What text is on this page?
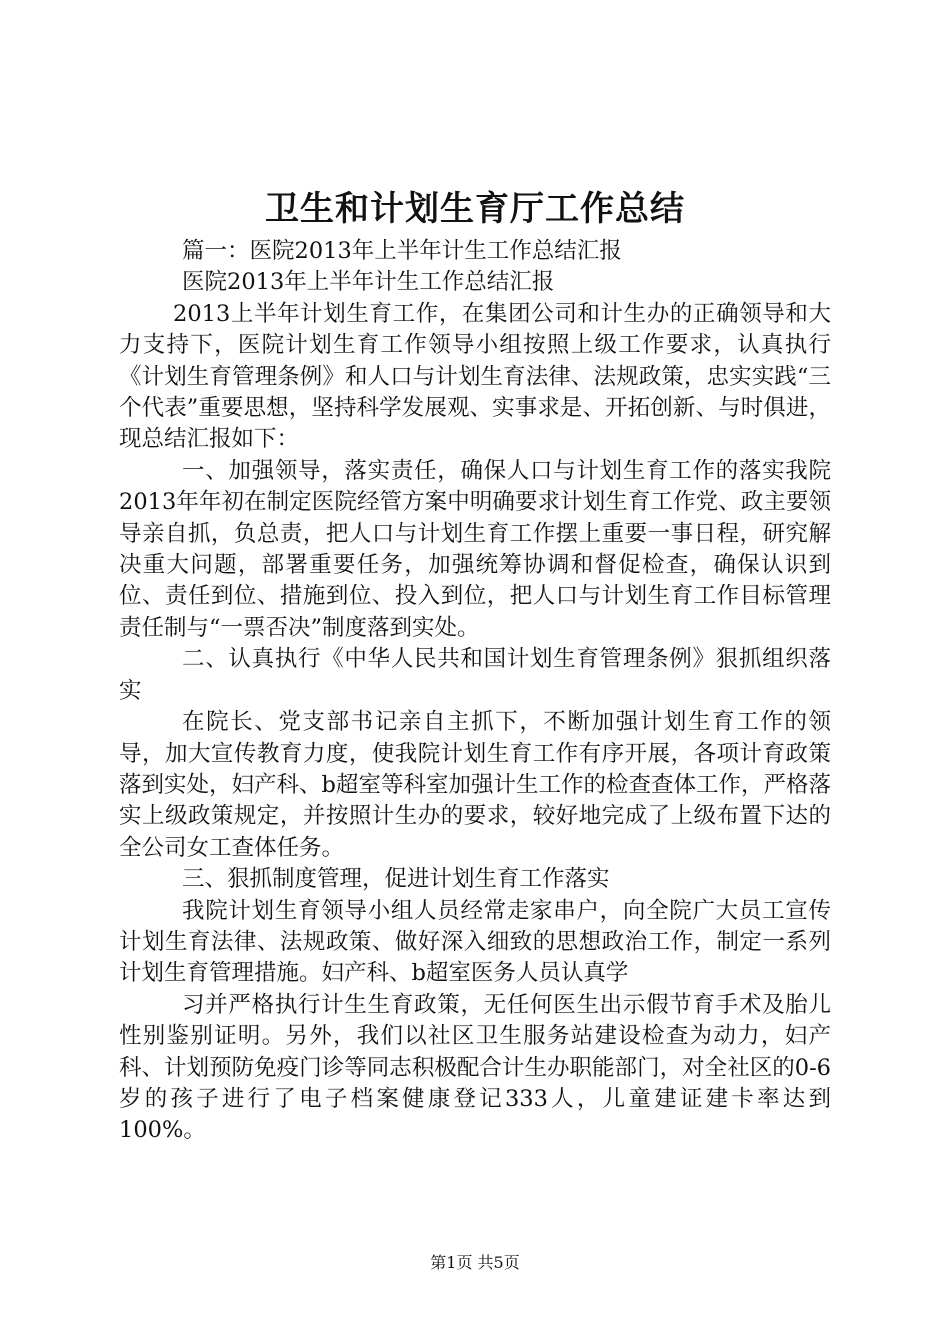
卫生和计划生育厅工作总结

篇一：医院2013年上半年计生工作总结汇报

医院2013年上半年计生工作总结汇报

2013上半年计划生育工作，在集团公司和计生办的正确领导和大力支持下，医院计划生育工作领导小组按照上级工作要求，认真执行《计划生育管理条例》和人口与计划生育法律、法规政策，忠实实践“三个代表”重要思想，坚持科学发展观、实事求是、开拓创新、与时俱进，现总结汇报如下：

一、加强领导，落实责任，确保人口与计划生育工作的落实我院2013年年初在制定医院经管方案中明确要求计划生育工作党、政主要领导亲自抓，负总责，把人口与计划生育工作摆上重要一事日程，研究解决重大问题，部署重要任务，加强统筹协调和督促检查，确保认识到位、责任到位、措施到位、投入到位，把人口与计划生育工作目标管理责任制与“一票否决”制度落到实处。

二、认真执行《中华人民共和国计划生育管理条例》狠抓组织落实

在院长、党支部书记亲自主抓下，不断加强计划生育工作的领导，加大宣传教育力度，使我院计划生育工作有序开展，各项计育政策落到实处，妇产科、b超室等科室加强计生工作的检查查体工作，严格落实上级政策规定，并按照计生办的要求，较好地完成了上级布置下达的全公司女工查体任务。

三、狠抓制度管理，促进计划生育工作落实

我院计划生育领导小组人员经常走家串户，向全院广大员工宣传计划生育法律、法规政策、做好深入细致的思想政治工作，制定一系列计划生育管理措施。妇产科、b超室医务人员认真学

习并严格执行计生生育政策，无任何医生出示假节育手术及胎儿性别鉴别证明。另外，我们以社区卫生服务站建设检查为动力，妇产科、计划预防免疫门诊等同志积极配合计生办职能部门，对全社区的0-6岁的孩子进行了电子档案健康登记333人，儿童建证建卡率达到100%。

第1页 共5页
